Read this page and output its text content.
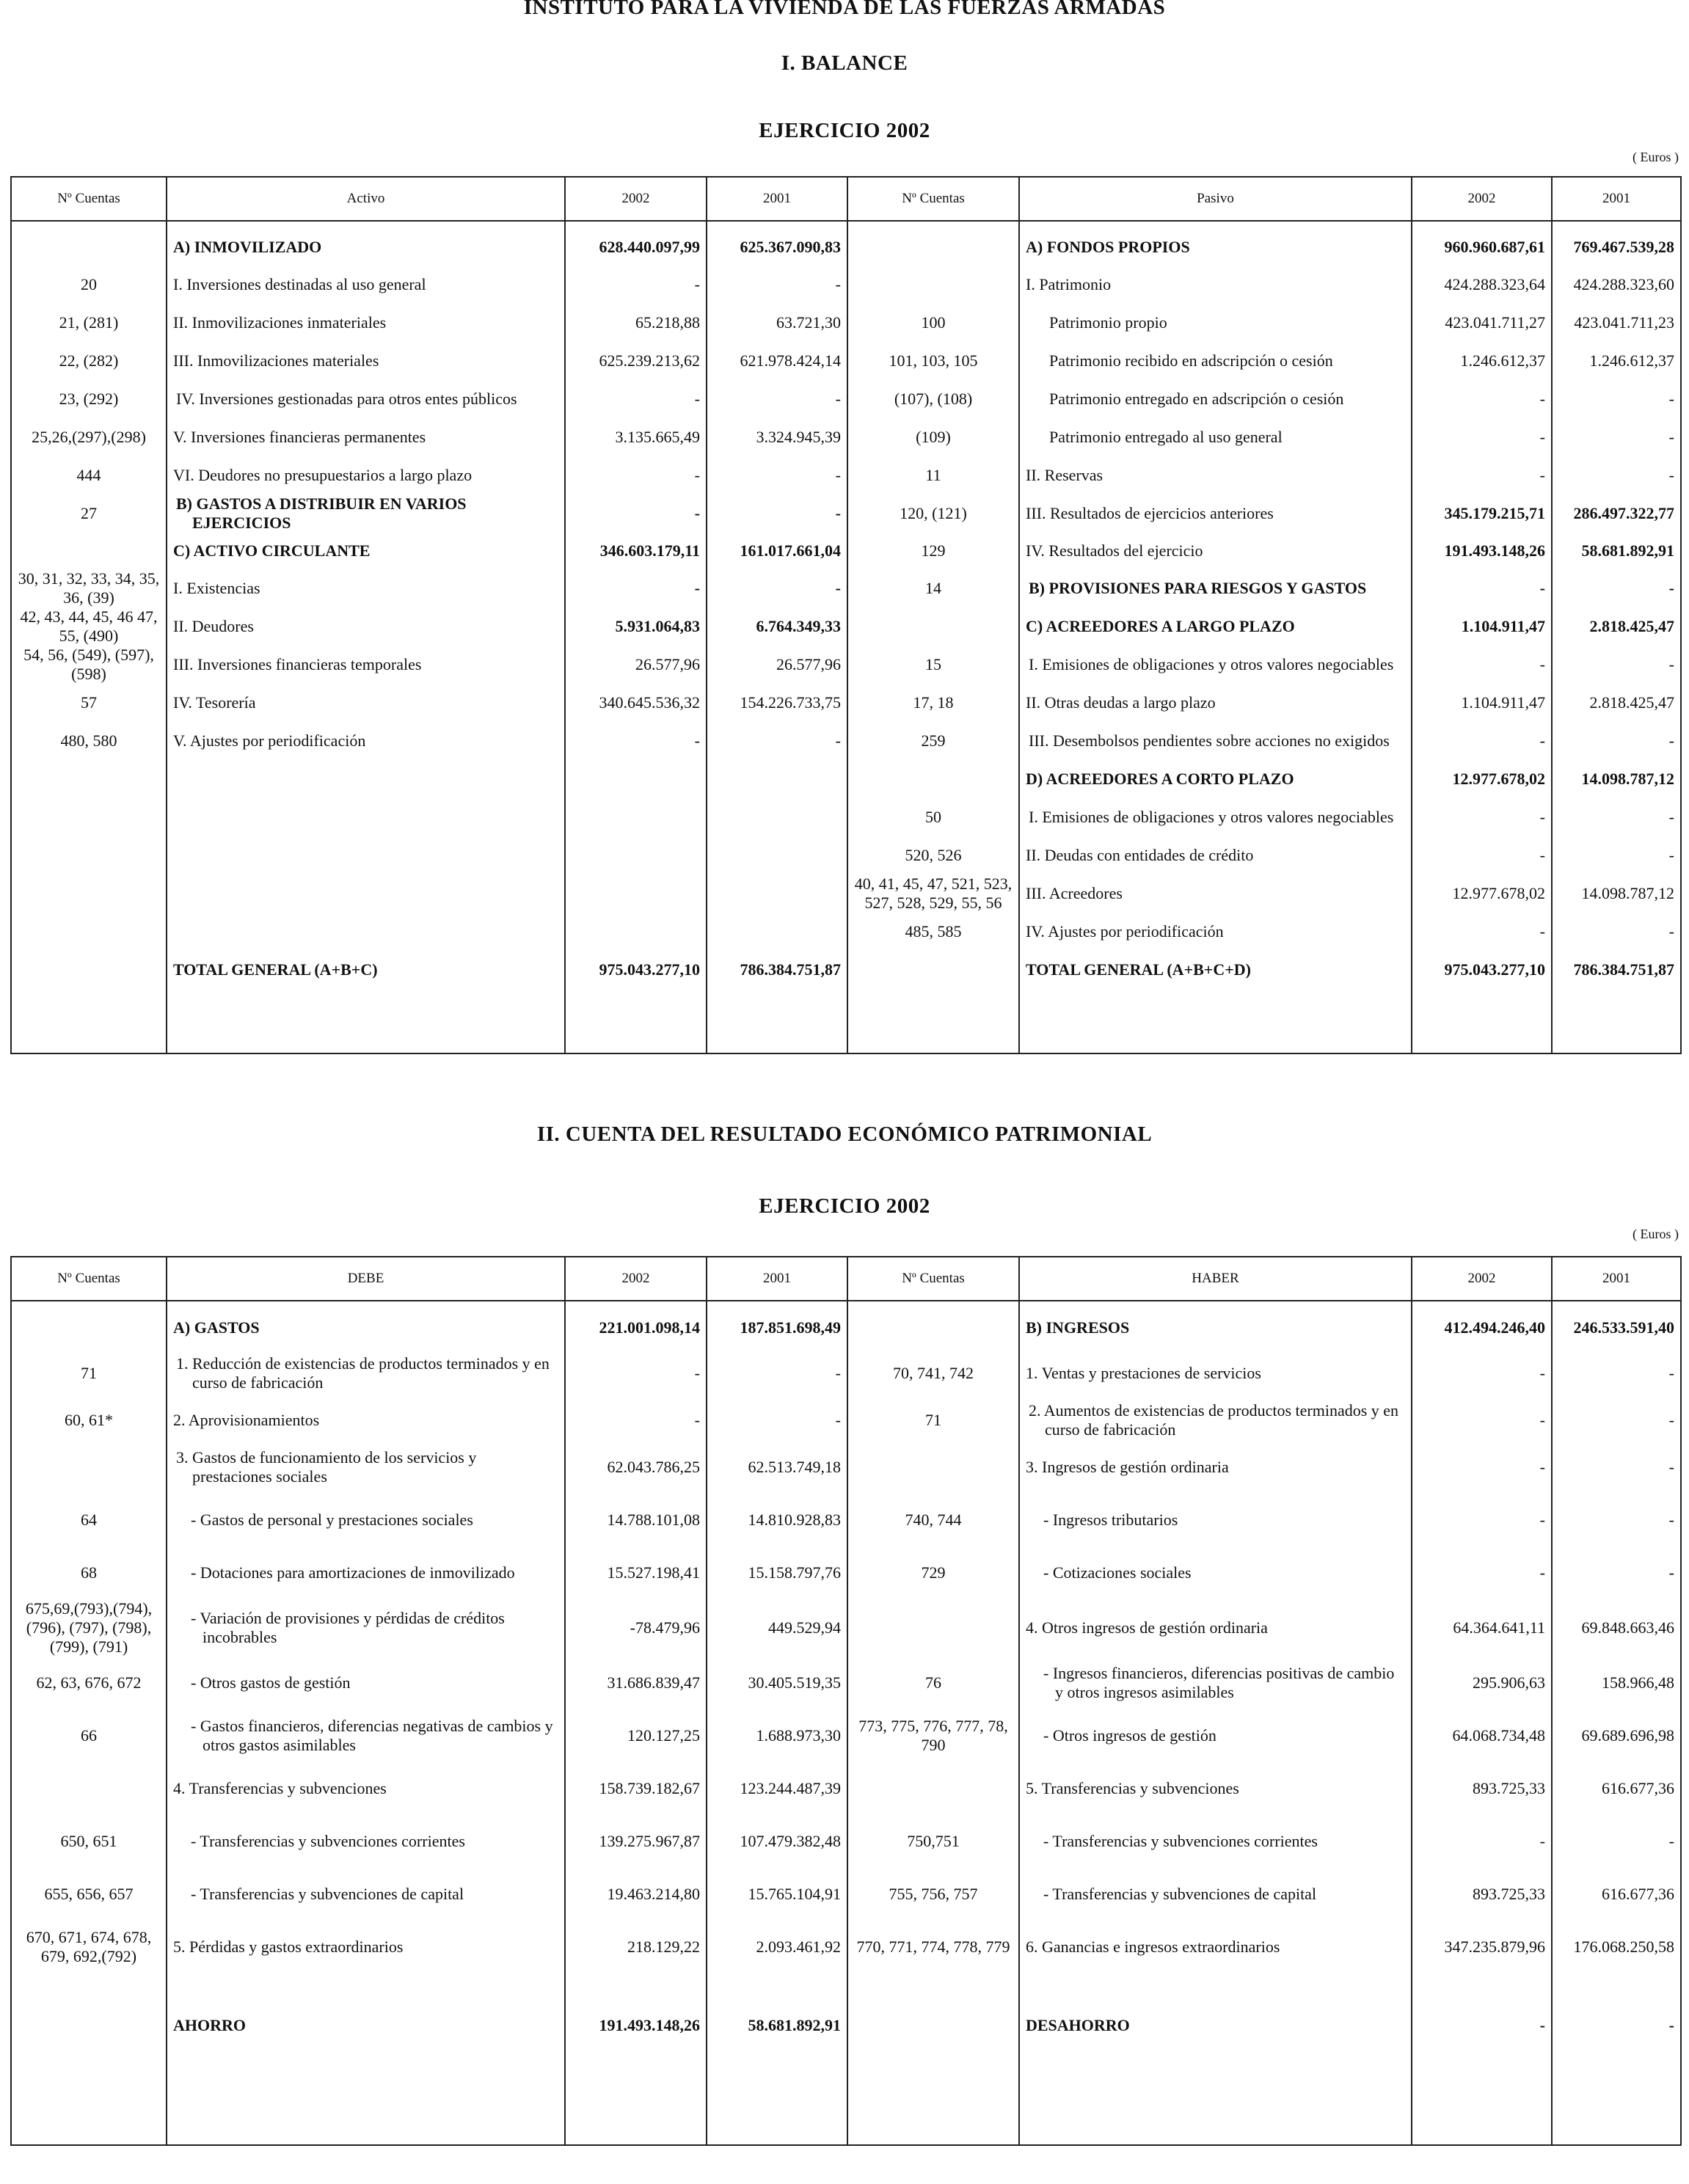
INSTITUTO PARA LA VIVIENDA DE LAS FUERZAS ARMADAS
I. BALANCE
EJERCICIO 2002
( Euros )
Nº Cuentas	Activo	2002	2001	Nº Cuentas	Pasivo	2002	2001

	A) INMOVILIZADO	628.440.097,99	625.367.090,83		A) FONDOS PROPIOS	960.960.687,61	769.467.539,28
20	I. Inversiones destinadas al uso general	-	-		I. Patrimonio	424.288.323,64	424.288.323,60
21, (281)	II. Inmovilizaciones inmateriales	65.218,88	63.721,30	100	Patrimonio propio	423.041.711,27	423.041.711,23
22, (282)	III. Inmovilizaciones materiales	625.239.213,62	621.978.424,14	101, 103, 105	Patrimonio recibido en adscripción o cesión	1.246.612,37	1.246.612,37
23, (292)	IV. Inversiones gestionadas para otros entes públicos	-	-	(107), (108)	Patrimonio entregado en adscripción o cesión	-	-
25,26,(297),(298)	V. Inversiones financieras permanentes	3.135.665,49	3.324.945,39	(109)	Patrimonio entregado al uso general	-	-
444	VI. Deudores no presupuestarios a largo plazo	-	-	11	II. Reservas	-	-
27	B) GASTOS A DISTRIBUIR EN VARIOS EJERCICIOS	-	-	120, (121)	III. Resultados de ejercicios anteriores	345.179.215,71	286.497.322,77
	C) ACTIVO CIRCULANTE	346.603.179,11	161.017.661,04	129	IV. Resultados del ejercicio	191.493.148,26	58.681.892,91
30, 31, 32, 33, 34, 35, 36, (39)	I. Existencias	-	-	14	B) PROVISIONES PARA RIESGOS Y GASTOS	-	-
42, 43, 44, 45, 46 47, 55, (490)	II. Deudores	5.931.064,83	6.764.349,33		C) ACREEDORES A LARGO PLAZO	1.104.911,47	2.818.425,47
54, 56, (549), (597), (598)	III. Inversiones financieras temporales	26.577,96	26.577,96	15	I. Emisiones de obligaciones y otros valores negociables	-	-
57	IV. Tesorería	340.645.536,32	154.226.733,75	17, 18	II. Otras deudas a largo plazo	1.104.911,47	2.818.425,47
480, 580	V. Ajustes por periodificación	-	-	259	III. Desembolsos pendientes sobre acciones no exigidos	-	-
					D) ACREEDORES A CORTO PLAZO	12.977.678,02	14.098.787,12
				50	I. Emisiones de obligaciones y otros valores negociables	-	-
				520, 526	II. Deudas con entidades de crédito	-	-
				40, 41, 45, 47, 521, 523, 527, 528, 529, 55, 56	III. Acreedores	12.977.678,02	14.098.787,12
				485, 585	IV. Ajustes por periodificación	-	-
	TOTAL GENERAL (A+B+C)	975.043.277,10	786.384.751,87		TOTAL GENERAL (A+B+C+D)	975.043.277,10	786.384.751,87

II. CUENTA DEL RESULTADO ECONÓMICO PATRIMONIAL
EJERCICIO 2002
( Euros )
Nº Cuentas	DEBE	2002	2001	Nº Cuentas	HABER	2002	2001

	A) GASTOS	221.001.098,14	187.851.698,49		B) INGRESOS	412.494.246,40	246.533.591,40
71	1. Reducción de existencias de productos terminados y en curso de fabricación	-	-	70, 741, 742	1. Ventas y prestaciones de servicios	-	-
60, 61*	2. Aprovisionamientos	-	-	71	2. Aumentos de existencias de productos terminados y en curso de fabricación	-	-
	3. Gastos de funcionamiento de los servicios y prestaciones sociales	62.043.786,25	62.513.749,18		3. Ingresos de gestión ordinaria	-	-
64	- Gastos de personal y prestaciones sociales	14.788.101,08	14.810.928,83	740, 744	- Ingresos tributarios	-	-
68	- Dotaciones para amortizaciones de inmovilizado	15.527.198,41	15.158.797,76	729	- Cotizaciones sociales	-	-
675,69,(793),(794), (796), (797), (798), (799), (791)	- Variación de provisiones y pérdidas de créditos incobrables	-78.479,96	449.529,94		4. Otros ingresos de gestión ordinaria	64.364.641,11	69.848.663,46
62, 63, 676, 672	- Otros gastos de gestión	31.686.839,47	30.405.519,35	76	- Ingresos financieros, diferencias positivas de cambio y otros ingresos asimilables	295.906,63	158.966,48
66	- Gastos financieros, diferencias negativas de cambios y otros gastos asimilables	120.127,25	1.688.973,30	773, 775, 776, 777, 78, 790	- Otros ingresos de gestión	64.068.734,48	69.689.696,98
	4. Transferencias y subvenciones	158.739.182,67	123.244.487,39		5. Transferencias y subvenciones	893.725,33	616.677,36
650, 651	- Transferencias y subvenciones corrientes	139.275.967,87	107.479.382,48	750,751	- Transferencias y subvenciones corrientes	-	-
655, 656, 657	- Transferencias y subvenciones de capital	19.463.214,80	15.765.104,91	755, 756, 757	- Transferencias y subvenciones de capital	893.725,33	616.677,36
670, 671, 674, 678, 679, 692,(792)	5. Pérdidas y gastos extraordinarios	218.129,22	2.093.461,92	770, 771, 774, 778, 779	6. Ganancias e ingresos extraordinarios	347.235.879,96	176.068.250,58
	AHORRO	191.493.148,26	58.681.892,91		DESAHORRO	-	-
